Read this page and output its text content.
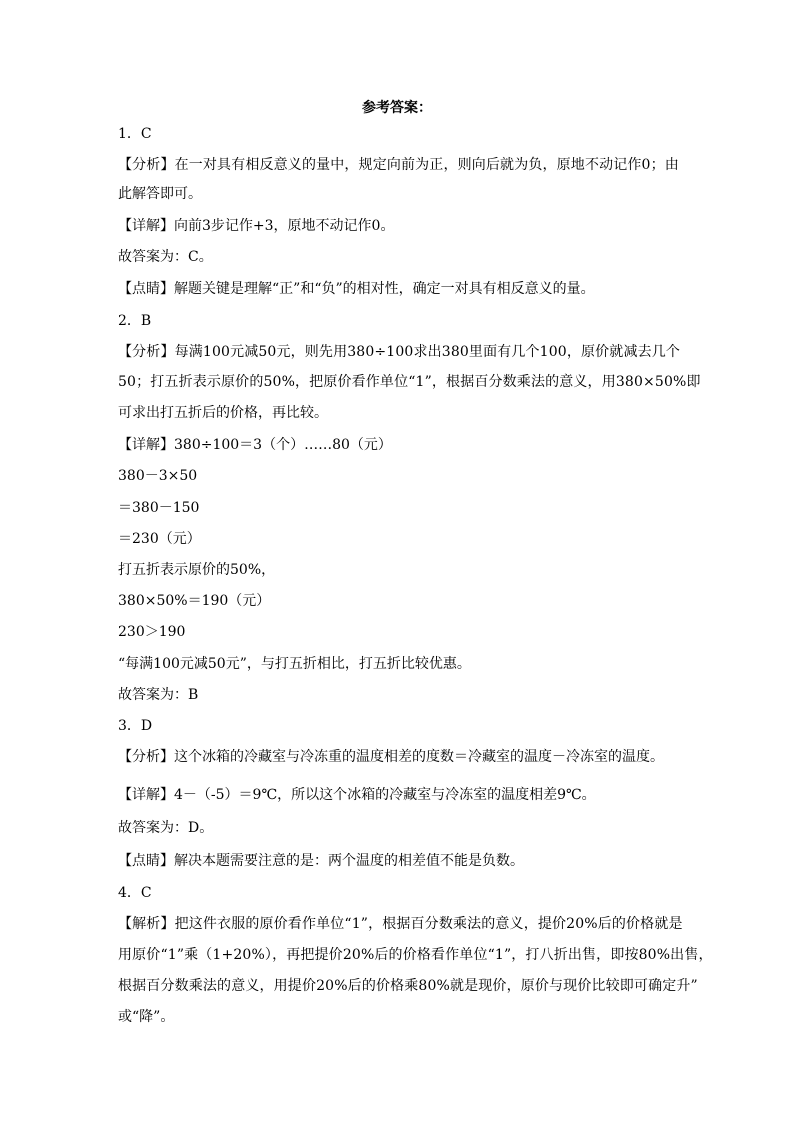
参考答案：
1．C
【分析】在一对具有相反意义的量中，规定向前为正，则向后就为负，原地不动记作0；由
此解答即可。
【详解】向前3步记作+3，原地不动记作0。
故答案为：C。
【点睛】解题关键是理解“正”和“负”的相对性，确定一对具有相反意义的量。
2．B
【分析】每满100元减50元，则先用380÷100求出380里面有几个100，原价就减去几个
50；打五折表示原价的50%，把原价看作单位“1”，根据百分数乘法的意义，用380×50%即
可求出打五折后的价格，再比较。
【详解】380÷100＝3（个）……80（元）
380－3×50
＝380－150
＝230（元）
打五折表示原价的50%，
380×50%＝190（元）
230＞190
“每满100元减50元”，与打五折相比，打五折比较优惠。
故答案为：B
3．D
【分析】这个冰箱的冷藏室与冷冻重的温度相差的度数＝冷藏室的温度－冷冻室的温度。
【详解】4－（-5）＝9℃，所以这个冰箱的冷藏室与冷冻室的温度相差9℃。
故答案为：D。
【点睛】解决本题需要注意的是：两个温度的相差值不能是负数。
4．C
【解析】把这件衣服的原价看作单位“1”，根据百分数乘法的意义，提价20%后的价格就是
用原价“1”乘（1+20%），再把提价20%后的价格看作单位“1”，打八折出售，即按80%出售，
根据百分数乘法的意义，用提价20%后的价格乘80%就是现价，原价与现价比较即可确定升”
或“降”。
